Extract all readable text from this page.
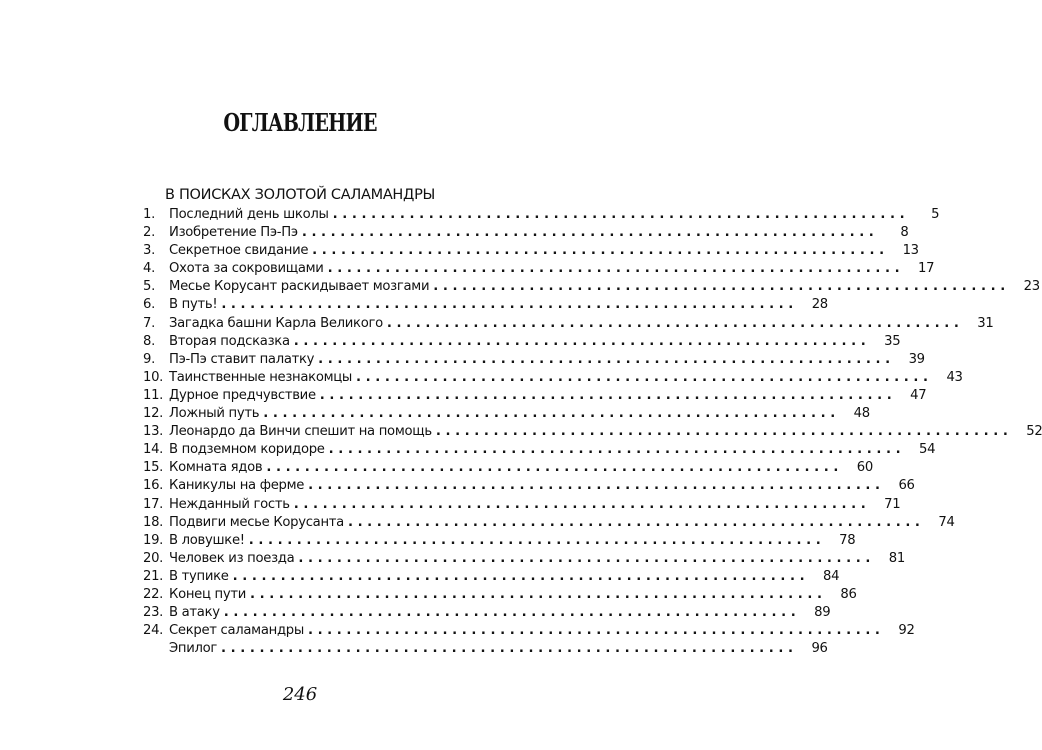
ОГЛАВЛЕНИЕ
В ПОИСКАХ ЗОЛОТОЙ САЛАМАНДРЫ
1.	Последний день школы ............................................................	5
2.	Изобретение Пэ-Пэ ............................................................	8
3.	Секретное свидание ............................................................	13
4.	Охота за сокровищами ............................................................	17
5.	Месье Корусант раскидывает мозгами ............................................................	23
6.	В путь! ............................................................	28
7.	Загадка башни Карла Великого ............................................................	31
8.	Вторая подсказка ............................................................	35
9.	Пэ-Пэ ставит палатку ............................................................	39
10. Таинственные незнакомцы ............................................................	43
11. Дурное предчувствие ............................................................	47
12. Ложный путь ............................................................	48
13. Леонардо да Винчи спешит на помощь ............................................................	52
14. В подземном коридоре ............................................................	54
15. Комната ядов ............................................................	60
16. Каникулы на ферме ............................................................	66
17. Нежданный гость ............................................................	71
18. Подвиги месье Корусанта ............................................................	74
19. В ловушке! ............................................................	78
20. Человек из поезда ............................................................	81
21. В тупике ............................................................	84
22. Конец пути ............................................................	86
23. В атаку ............................................................	89
24. Секрет саламандры ............................................................	92
Эпилог ............................................................	96
246
